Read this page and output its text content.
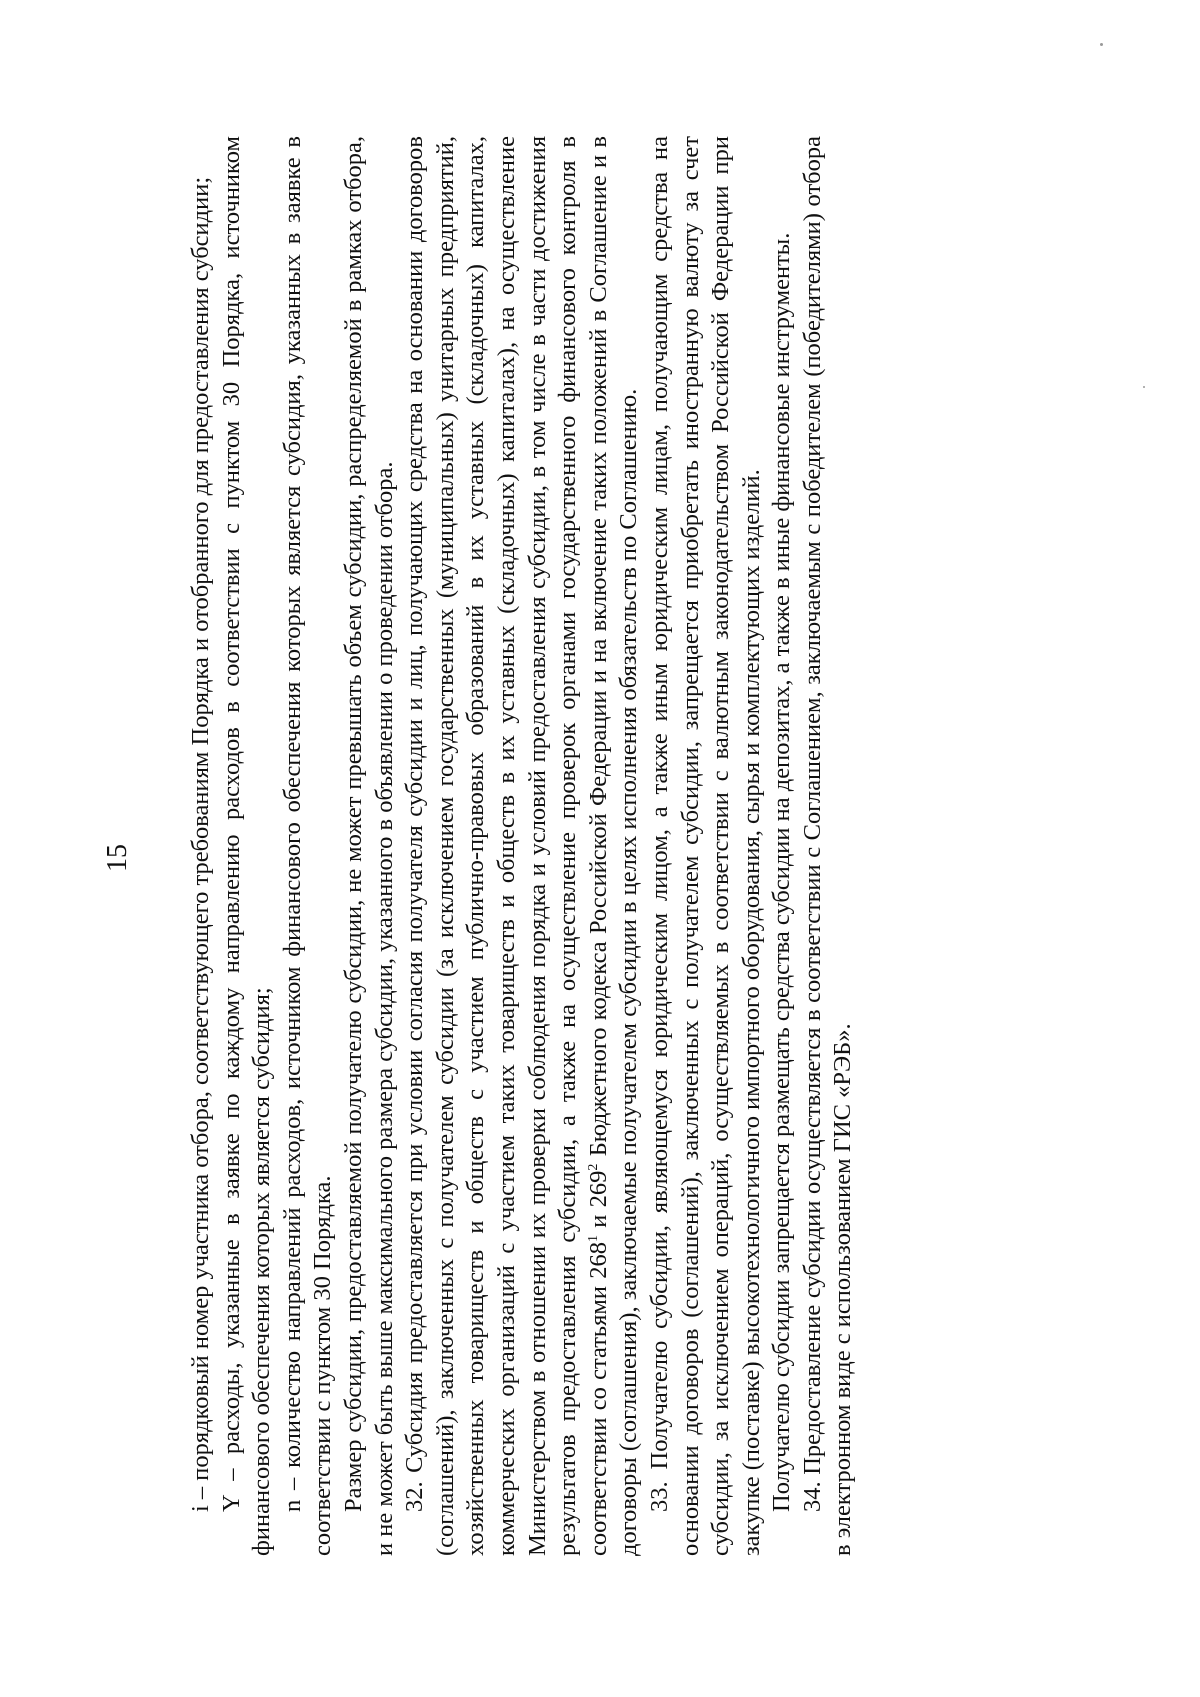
15 i – порядковый номер участника отбора, соответствующего требованиям Порядка и отобранного для предоставления субсидии; Y – расходы, указанные в заявке по каждому направлению расходов в соответствии с пунктом 30 Порядка, источником финансового обеспечения которых является субсидия; n – количество направлений расходов, источником финансового обеспечения которых является субсидия, указанных в заявке в соответствии с пунктом 30 Порядка. Размер субсидии, предоставляемой получателю субсидии, не может превышать объем субсидии, распределяемой в рамках отбора, и не может быть выше максимального размера субсидии, указанного в объявлении о проведении отбора. 32. Субсидия предоставляется при условии согласия получателя субсидии и лиц, получающих средства на основании договоров (соглашений), заключенных с получателем субсидии (за исключением государственных (муниципальных) унитарных предприятий, хозяйственных товариществ и обществ с участием публично-правовых образований в их уставных (складочных) капиталах, коммерческих организаций с участием таких товариществ и обществ в их уставных (складочных) капиталах), на осуществление Министерством в отношении их проверки соблюдения порядка и условий предоставления субсидии, в том числе в части достижения результатов предоставления субсидии, а также на осуществление проверок органами государственного финансового контроля в соответствии со статьями $268^1$ и $269^2$ Бюджетного кодекса Российской Федерации и на включение таких положений в Соглашение и в договоры (соглашения), заключаемые получателем субсидии в целях исполнения обязательств по Соглашению. 33. Получателю субсидии, являющемуся юридическим лицом, а также иным юридическим лицам, получающим средства на основании договоров (соглашений), заключенных с получателем субсидии, запрещается приобретать иностранную валюту за счет субсидии, за исключением операций, осуществляемых в соответствии с валютным законодательством Российской Федерации при закупке (поставке) высокотехнологичного импортного оборудования, сырья и комплектующих изделий. Получателю субсидии запрещается размещать средства субсидии на депозитах, а также в иные финансовые инструменты. 34. Предоставление субсидии осуществляется в соответствии с Соглашением, заключаемым с победителем (победителями) отбора в электронном виде с использованием ГИС «РЭБ».
